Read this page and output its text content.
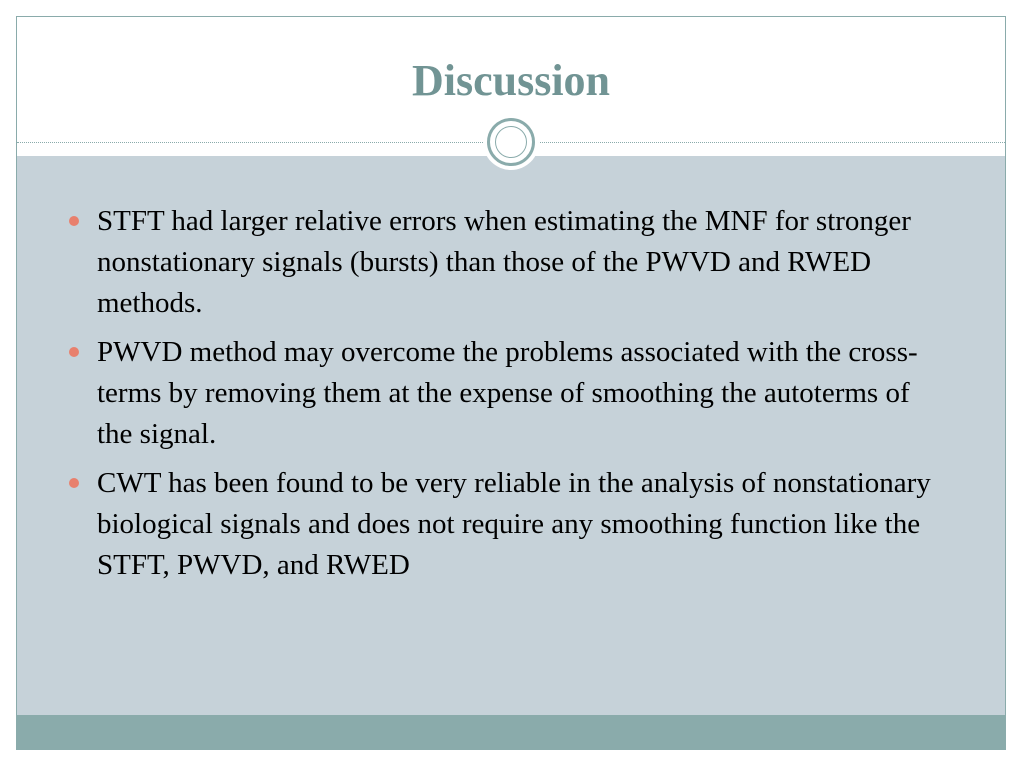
Discussion
STFT had larger relative errors when estimating the MNF for stronger nonstationary signals (bursts) than those of the PWVD and RWED methods.
PWVD method may overcome the problems associated with the cross-terms by removing them at the expense of smoothing the autoterms of the signal.
CWT has been found to be very reliable in the analysis of nonstationary biological signals and does not require any smoothing function like the STFT, PWVD, and RWED
